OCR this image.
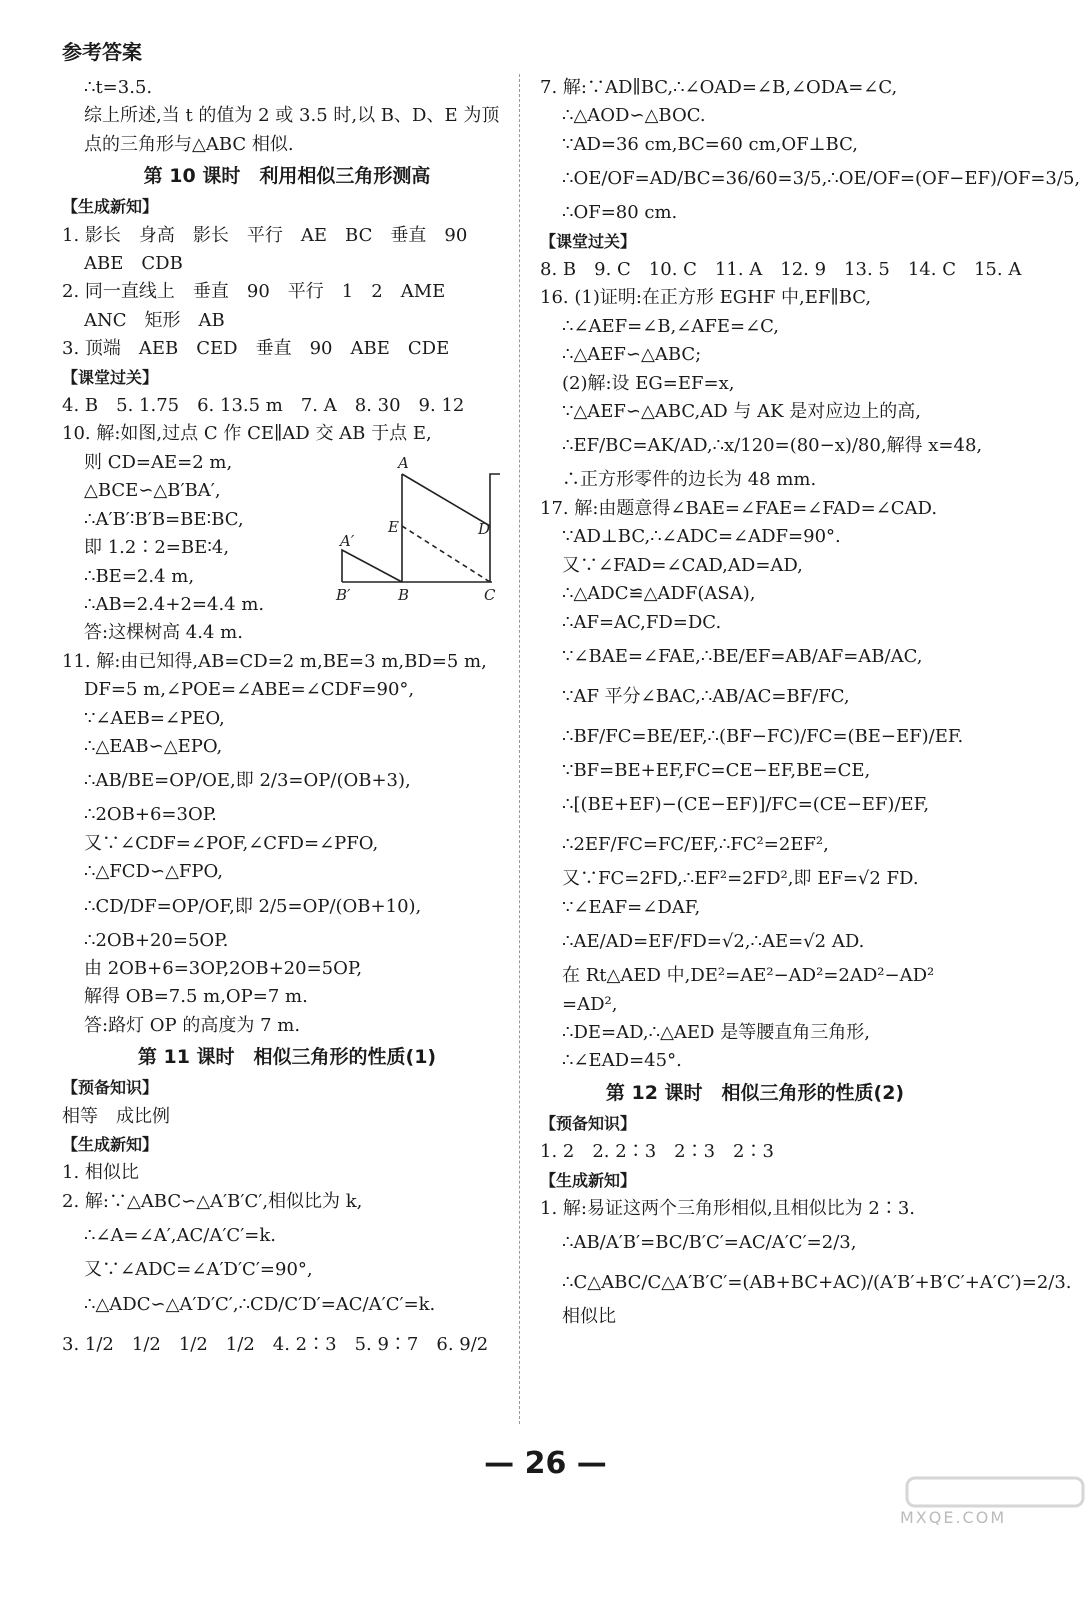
参考答案
∴t=3.5.
综上所述,当 t 的值为 2 或 3.5 时,以 B、D、E 为顶
点的三角形与△ABC 相似.
第 10 课时　利用相似三角形测高
【生成新知】
1. 影长　身高　影长　平行　AE　BC　垂直　90
ABE　CDB
2. 同一直线上　垂直　90　平行　1　2　AME
ANC　矩形　AB
3. 顶端　AEB　CED　垂直　90　ABE　CDE
【课堂过关】
4. B　5. 1.75　6. 13.5 m　7. A　8. 30　9. 12
10. 解:如图,过点 C 作 CE∥AD 交 AB 于点 E,
则 CD=AE=2 m,
△BCE∽△B′BA′,
∴A′B′∶B′B=BE∶BC,
即 1.2∶2=BE∶4,
∴BE=2.4 m,
∴AB=2.4+2=4.4 m.
答:这棵树高 4.4 m.
11. 解:由已知得,AB=CD=2 m,BE=3 m,BD=5 m,
DF=5 m,∠POE=∠ABE=∠CDF=90°,
∵∠AEB=∠PEO,
∴△EAB∽△EPO,
∴AB/BE=OP/OE,即 2/3=OP/(OB+3),
∴2OB+6=3OP.
又∵∠CDF=∠POF,∠CFD=∠PFO,
∴△FCD∽△FPO,
∴CD/DF=OP/OF,即 2/5=OP/(OB+10),
∴2OB+20=5OP.
由 2OB+6=3OP,2OB+20=5OP,
解得 OB=7.5 m,OP=7 m.
答:路灯 OP 的高度为 7 m.
第 11 课时　相似三角形的性质(1)
【预备知识】
相等　成比例
【生成新知】
1. 相似比
2. 解:∵△ABC∽△A′B′C′,相似比为 k,
∴∠A=∠A′,AC/A′C′=k.
又∵∠ADC=∠A′D′C′=90°,
∴△ADC∽△A′D′C′,∴CD/C′D′=AC/A′C′=k.
3. 1/2　1/2　1/2　1/2　4. 2∶3　5. 9∶7　6. 9/2
7. 解:∵AD∥BC,∴∠OAD=∠B,∠ODA=∠C,
∴△AOD∽△BOC.
∵AD=36 cm,BC=60 cm,OF⊥BC,
∴OE/OF=AD/BC=36/60=3/5,∴OE/OF=(OF−EF)/OF=3/5,
∴OF=80 cm.
【课堂过关】
8. B　9. C　10. C　11. A　12. 9　13. 5　14. C　15. A
16. (1)证明:在正方形 EGHF 中,EF∥BC,
∴∠AEF=∠B,∠AFE=∠C,
∴△AEF∽△ABC;
(2)解:设 EG=EF=x,
∵△AEF∽△ABC,AD 与 AK 是对应边上的高,
∴EF/BC=AK/AD,∴x/120=(80−x)/80,解得 x=48,
∴正方形零件的边长为 48 mm.
17. 解:由题意得∠BAE=∠FAE=∠FAD=∠CAD.
∵AD⊥BC,∴∠ADC=∠ADF=90°.
又∵∠FAD=∠CAD,AD=AD,
∴△ADC≌△ADF(ASA),
∴AF=AC,FD=DC.
∵∠BAE=∠FAE,∴BE/EF=AB/AF=AB/AC,
∵AF 平分∠BAC,∴AB/AC=BF/FC,
∴BF/FC=BE/EF,∴(BF−FC)/FC=(BE−EF)/EF.
∵BF=BE+EF,FC=CE−EF,BE=CE,
∴[(BE+EF)−(CE−EF)]/FC=(CE−EF)/EF,
∴2EF/FC=FC/EF,∴FC²=2EF²,
又∵FC=2FD,∴EF²=2FD²,即 EF=√2 FD.
∵∠EAF=∠DAF,
∴AE/AD=EF/FD=√2,∴AE=√2 AD.
在 Rt△AED 中,DE²=AE²−AD²=2AD²−AD²
=AD²,
∴DE=AD,∴△AED 是等腰直角三角形,
∴∠EAD=45°.
第 12 课时　相似三角形的性质(2)
【预备知识】
1. 2　2. 2∶3　2∶3　2∶3
【生成新知】
1. 解:易证这两个三角形相似,且相似比为 2∶3.
∴AB/A′B′=BC/B′C′=AC/A′C′=2/3,
∴C△ABC/C△A′B′C′=(AB+BC+AC)/(A′B′+B′C′+A′C′)=2/3.
相似比
A
E	D
A′
B′	B	C
— 26 —
MXQE.COM
